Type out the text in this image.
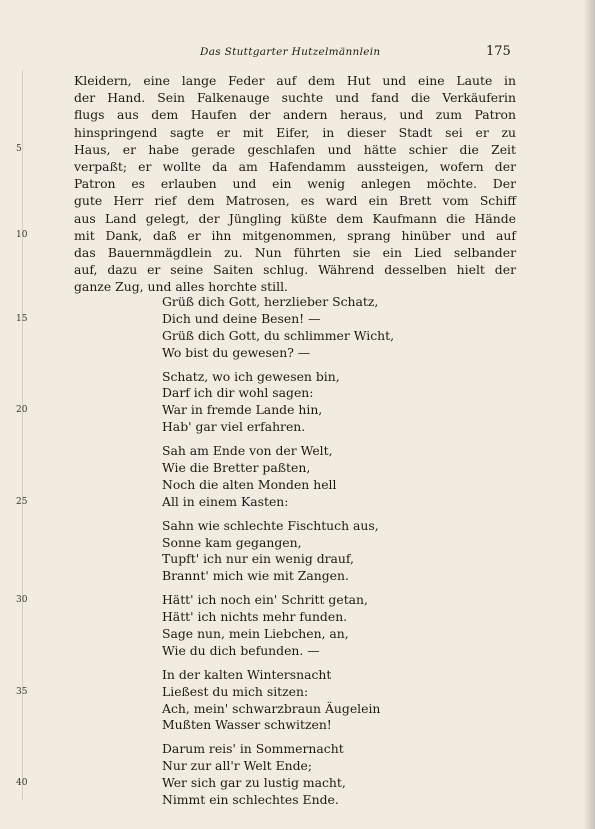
Das Stuttgarter Hutzelmännlein	175
Kleidern, eine lange Feder auf dem Hut und eine Laute in
der Hand. Sein Falkenauge suchte und fand die Verkäuferin
flugs aus dem Haufen der andern heraus, und zum Patron
hinspringend sagte er mit Eifer, in dieser Stadt sei er zu
Haus, er habe gerade geschlafen und hätte schier die Zeit
5
verpaßt; er wollte da am Hafendamm aussteigen, wofern der
Patron es erlauben und ein wenig anlegen möchte. Der
gute Herr rief dem Matrosen, es ward ein Brett vom Schiff
aus Land gelegt, der Jüngling küßte dem Kaufmann die Hände
mit Dank, daß er ihn mitgenommen, sprang hinüber und auf
10
das Bauernmägdlein zu. Nun führten sie ein Lied selbander
auf, dazu er seine Saiten schlug. Während desselben hielt der
ganze Zug, und alles horchte still.
Grüß dich Gott, herzlieber Schatz,
Dich und deine Besen! —
15
Grüß dich Gott, du schlimmer Wicht,
Wo bist du gewesen? —
Schatz, wo ich gewesen bin,
Darf ich dir wohl sagen:
War in fremde Lande hin,
20
Hab' gar viel erfahren.
Sah am Ende von der Welt,
Wie die Bretter paßten,
Noch die alten Monden hell
All in einem Kasten:
25
Sahn wie schlechte Fischtuch aus,
Sonne kam gegangen,
Tupft' ich nur ein wenig drauf,
Brannt' mich wie mit Zangen.
Hätt' ich noch ein' Schritt getan,
30
Hätt' ich nichts mehr funden.
Sage nun, mein Liebchen, an,
Wie du dich befunden. —
In der kalten Wintersnacht
Ließest du mich sitzen:
35
Ach, mein' schwarzbraun Äugelein
Mußten Wasser schwitzen!
Darum reis' in Sommernacht
Nur zur all'r Welt Ende;
Wer sich gar zu lustig macht,
40
Nimmt ein schlechtes Ende.
